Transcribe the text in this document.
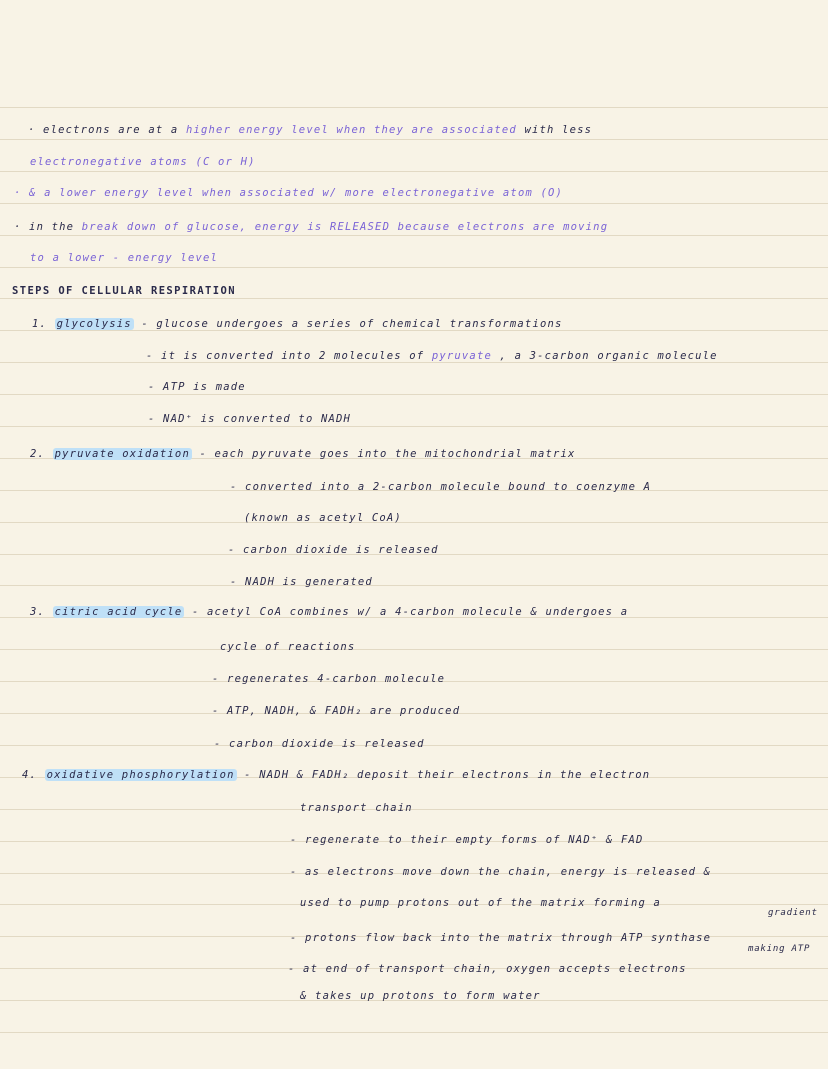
· electrons are at a higher energy level when they are associated with less
electronegative atoms (C or H)
· & a lower energy level when associated w/ more electronegative atom (O)
· in the break down of glucose, energy is RELEASED because electrons are moving
to a lower - energy level
STEPS OF CELLULAR RESPIRATION
1. glycolysis - glucose undergoes a series of chemical transformations
- it is converted into 2 molecules of pyruvate , a 3-carbon organic molecule
- ATP is made
- NAD⁺ is converted to NADH
2. pyruvate oxidation - each pyruvate goes into the mitochondrial matrix
- converted into a 2-carbon molecule bound to coenzyme A
(known as acetyl CoA)
- carbon dioxide is released
- NADH is generated
3. citric acid cycle - acetyl CoA combines w/ a 4-carbon molecule & undergoes a
cycle of reactions
- regenerates 4-carbon molecule
- ATP, NADH, & FADH₂ are produced
- carbon dioxide is released
4. oxidative phosphorylation - NADH & FADH₂ deposit their electrons in the electron
transport chain
- regenerate to their empty forms of NAD⁺ & FAD
- as electrons move down the chain, energy is released &
used to pump protons out of the matrix forming a
gradient
- protons flow back into the matrix through ATP synthase
making ATP
- at end of transport chain, oxygen accepts electrons
& takes up protons to form water
